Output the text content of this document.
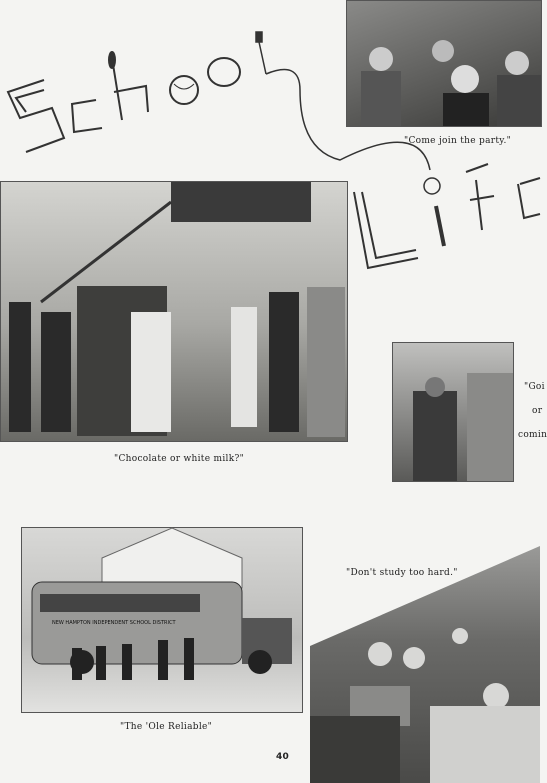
"Come join the party."
"Chocolate or white milk?"
"Goi
or
comin
NEW HAMPTON INDEPENDENT SCHOOL DISTRICT
"The 'Ole Reliable"
"Don't study too hard."
40
